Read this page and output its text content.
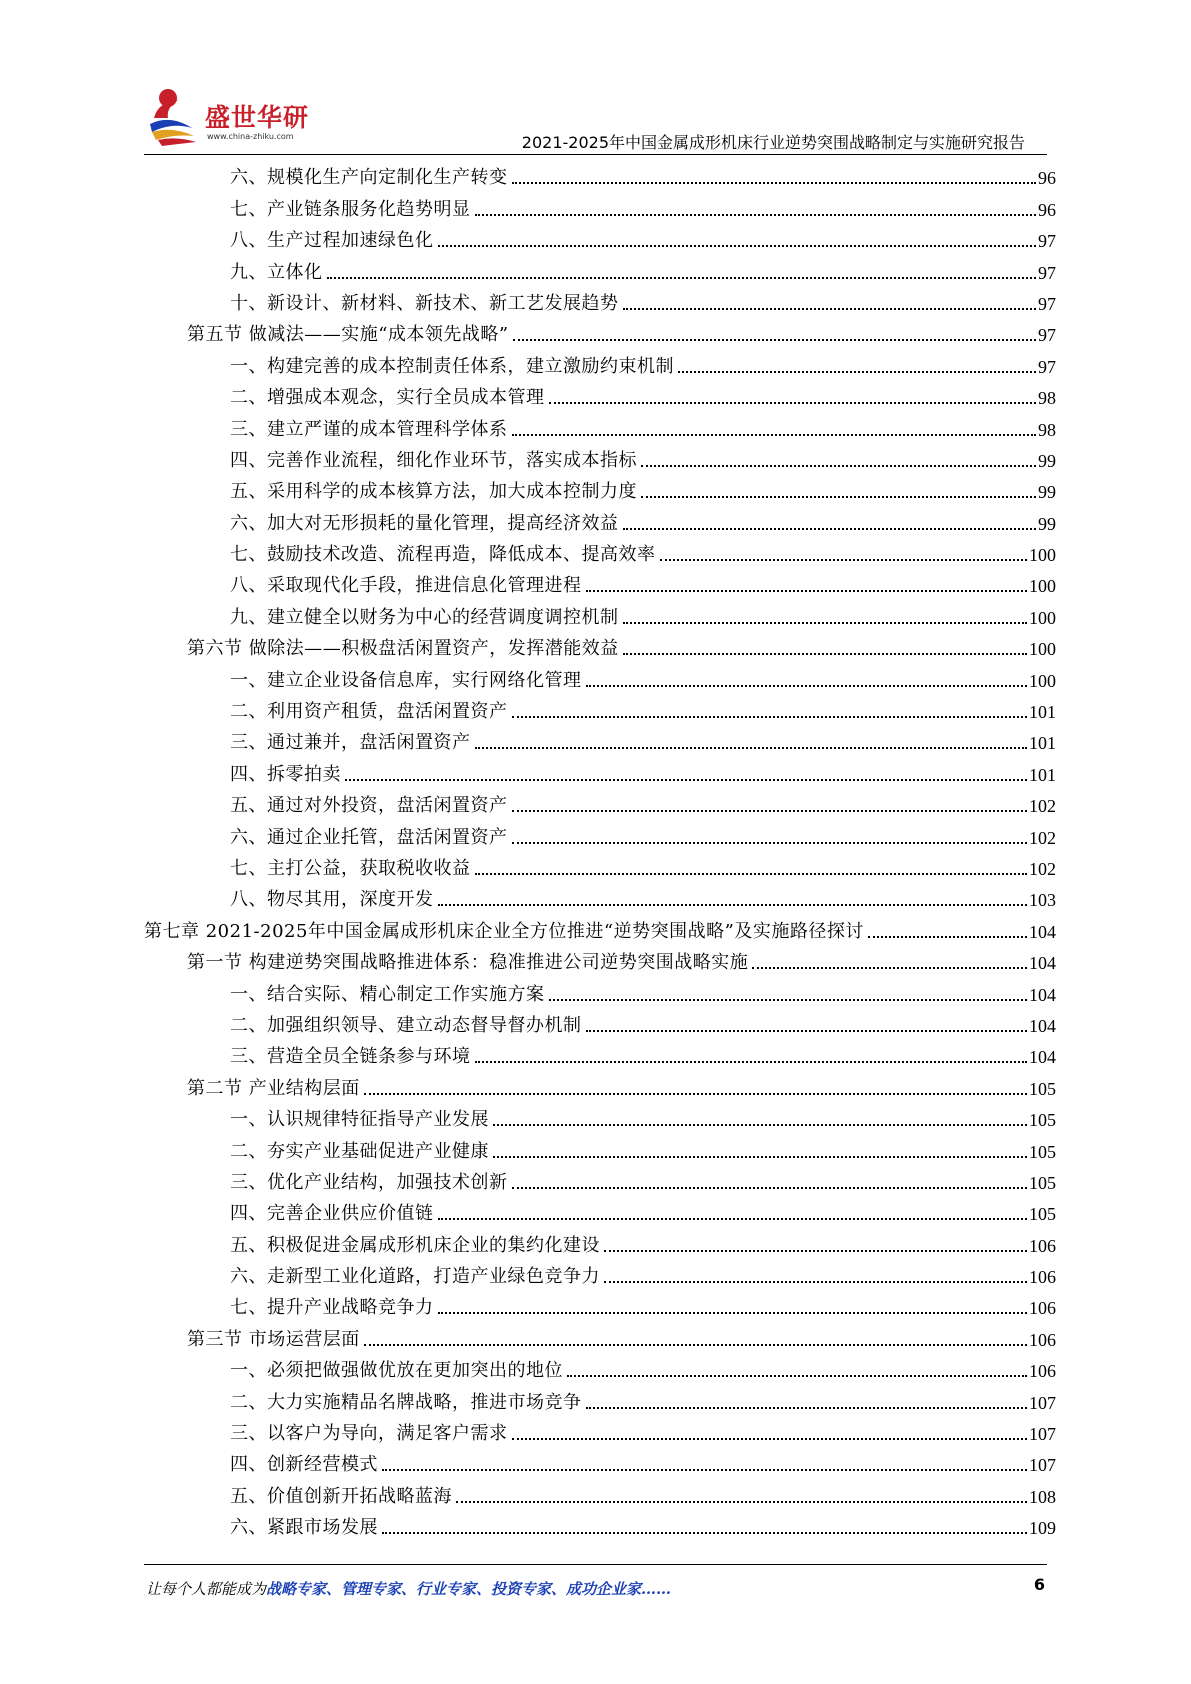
盛世华研
www.china-zhiku.com	2021-2025年中国金属成形机床行业逆势突围战略制定与实施研究报告
六、规模化生产向定制化生产转变	96
七、产业链条服务化趋势明显	96
八、生产过程加速绿色化	97
九、立体化	97
十、新设计、新材料、新技术、新工艺发展趋势	97
第五节 做减法——实施“成本领先战略”	97
一、构建完善的成本控制责任体系，建立激励约束机制	97
二、增强成本观念，实行全员成本管理	98
三、建立严谨的成本管理科学体系	98
四、完善作业流程，细化作业环节，落实成本指标	99
五、采用科学的成本核算方法，加大成本控制力度	99
六、加大对无形损耗的量化管理，提高经济效益	99
七、鼓励技术改造、流程再造，降低成本、提高效率	100
八、采取现代化手段，推进信息化管理进程	100
九、建立健全以财务为中心的经营调度调控机制	100
第六节 做除法——积极盘活闲置资产，发挥潜能效益	100
一、建立企业设备信息库，实行网络化管理	100
二、利用资产租赁，盘活闲置资产	101
三、通过兼并，盘活闲置资产	101
四、拆零拍卖	101
五、通过对外投资，盘活闲置资产	102
六、通过企业托管，盘活闲置资产	102
七、主打公益，获取税收收益	102
八、物尽其用，深度开发	103
第七章 2021-2025年中国金属成形机床企业全方位推进“逆势突围战略”及实施路径探讨	104
第一节 构建逆势突围战略推进体系：稳准推进公司逆势突围战略实施	104
一、结合实际、精心制定工作实施方案	104
二、加强组织领导、建立动态督导督办机制	104
三、营造全员全链条参与环境	104
第二节 产业结构层面	105
一、认识规律特征指导产业发展	105
二、夯实产业基础促进产业健康	105
三、优化产业结构，加强技术创新	105
四、完善企业供应价值链	105
五、积极促进金属成形机床企业的集约化建设	106
六、走新型工业化道路，打造产业绿色竞争力	106
七、提升产业战略竞争力	106
第三节 市场运营层面	106
一、必须把做强做优放在更加突出的地位	106
二、大力实施精品名牌战略，推进市场竞争	107
三、以客户为导向，满足客户需求	107
四、创新经营模式	107
五、价值创新开拓战略蓝海	108
六、紧跟市场发展	109
让每个人都能成为战略专家、管理专家、行业专家、投资专家、成功企业家……	6
